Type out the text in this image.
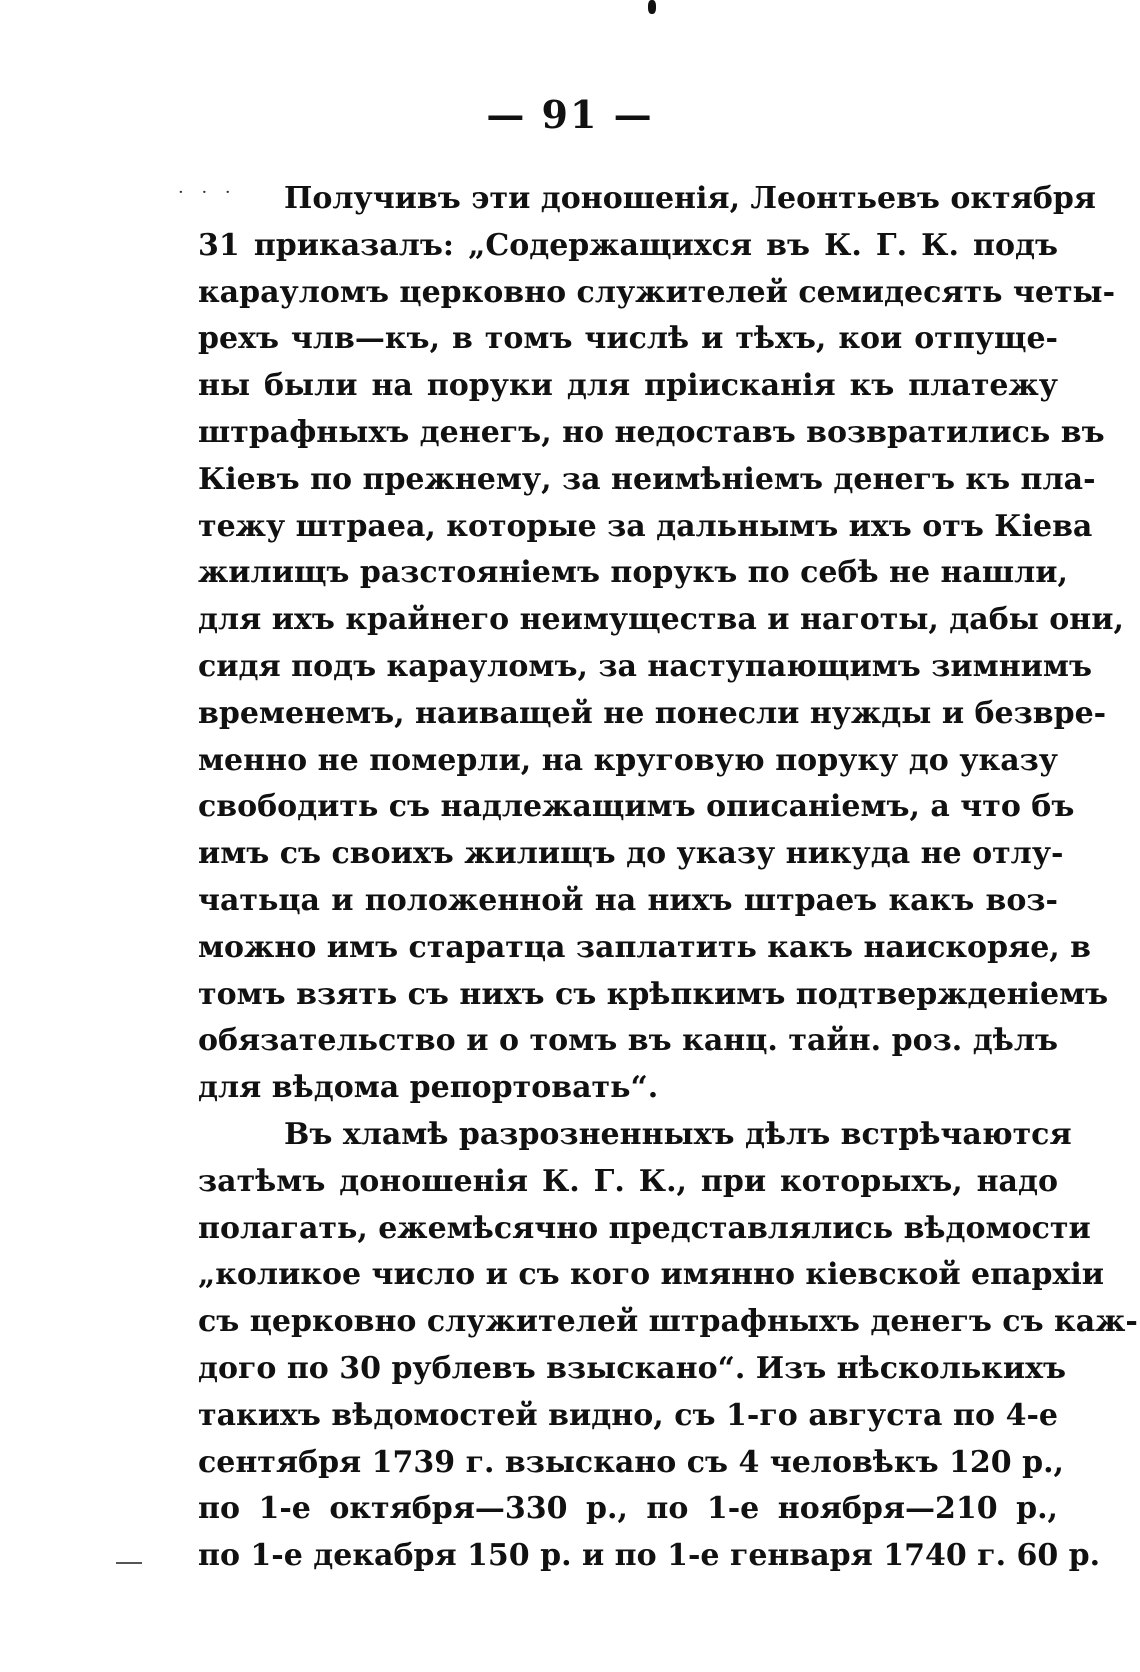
— 91 —
· · ·	Получивъ эти доношенія, Леонтьевъ октября
31 приказалъ: „Содержащихся въ К. Г. К. подъ
карауломъ церковно служителей семидесять четы-
рехъ члв—къ, в томъ числѣ и тѣхъ, кои отпуще-
ны были на поруки для пріисканія къ платежу
штрафныхъ денегъ, но недоставъ возвратились въ
Кіевъ по прежнему, за неимѣніемъ денегъ къ пла-
тежу штраеа, которые за дальнымъ ихъ отъ Кіева
жилищъ разстояніемъ порукъ по себѣ не нашли,
для ихъ крайнего неимущества и наготы, дабы они,
сидя подъ карауломъ, за наступающимъ зимнимъ
временемъ, наиващей не понесли нужды и безвре-
менно не померли, на круговую поруку до указу
свободить съ надлежащимъ описаніемъ, а что бъ
имъ съ своихъ жилищъ до указу никуда не отлу-
чатьца и положенной на нихъ штраеъ какъ воз-
можно имъ старатца заплатить какъ наискоряе, в
томъ взять съ нихъ съ крѣпкимъ подтвержденіемъ
обязательство и о томъ въ канц. тайн. роз. дѣлъ
для вѣдома репортовать“.
Въ хламѣ разрозненныхъ дѣлъ встрѣчаются
затѣмъ доношенія К. Г. К., при которыхъ, надо
полагать, ежемѣсячно представлялись вѣдомости
„коликое число и съ кого имянно кіевской епархіи
съ церковно служителей штрафныхъ денегъ съ каж-
дого по 30 рублевъ взыскано“. Изъ нѣсколькихъ
такихъ вѣдомостей видно, съ 1-го августа по 4-е
сентября 1739 г. взыскано съ 4 человѣкъ 120 р.,
по 1-е октября—330 р., по 1-е ноября—210 р.,
по 1-е декабря 150 р. и по 1-е генваря 1740 г. 60 р.
